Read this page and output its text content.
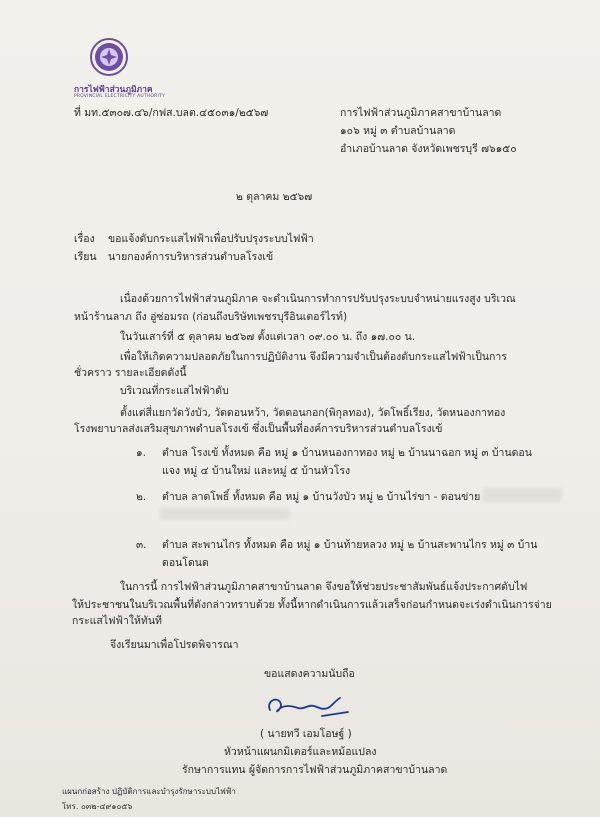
การไฟฟ้าส่วนภูมิภาค
PROVINCIAL ELECTRICITY AUTHORITY
ที่ มท.๕๓๐๗.๔๖/กฟส.บลต.๔๕๐๓๑/๒๕๖๗	การไฟฟ้าส่วนภูมิภาคสาขาบ้านลาด
๑๐๖ หมู่ ๓ ตำบลบ้านลาด
อำเภอบ้านลาด จังหวัดเพชรบุรี ๗๖๑๕๐
๒ ตุลาคม ๒๕๖๗
เรื่อง ขอแจ้งดับกระแสไฟฟ้าเพื่อปรับปรุงระบบไฟฟ้า
เรียน นายกองค์การบริหารส่วนตำบลโรงเข้
เนื่องด้วยการไฟฟ้าส่วนภูมิภาค จะดำเนินการทำการปรับปรุงระบบจำหน่ายแรงสูง บริเวณ
หน้าร้านลาภ ถึง อู่ซ่อมรถ (ก่อนถึงบริษัทเพชรบุรีอินเตอร์ไรท์)
ในวันเสาร์ที่ ๕ ตุลาคม ๒๕๖๗ ตั้งแต่เวลา ๐๙.๐๐ น. ถึง ๑๗.๐๐ น.
เพื่อให้เกิดความปลอดภัยในการปฏิบัติงาน จึงมีความจำเป็นต้องดับกระแสไฟฟ้าเป็นการ
ชั่วคราว รายละเอียดดังนี้
บริเวณที่กระแสไฟฟ้าดับ
ตั้งแต่สี่แยกวัดวังบัว, วัดดอนหว้า, วัดดอนกอก(พิกุลทอง), วัดโพธิ์เรียง, วัดหนองกาทอง
โรงพยาบาลส่งเสริมสุขภาพตำบลโรงเข้ ซึ่งเป็นพื้นที่องค์การบริหารส่วนตำบลโรงเข้
๑. ตำบล โรงเข้ ทั้งหมด คือ หมู่ ๑ บ้านหนองกาทอง หมู่ ๒ บ้านนาฉอก หมู่ ๓ บ้านดอน
แจง หมู่ ๔ บ้านใหม่ และหมู่ ๕ บ้านหัวโรง
๒. ตำบล ลาดโพธิ์ ทั้งหมด คือ หมู่ ๑ บ้านวังบัว หมู่ ๒ บ้านไร่ขา - ดอนข่าย
๓. ตำบล สะพานไกร ทั้งหมด คือ หมู่ ๑ บ้านท้ายหลวง หมู่ ๒ บ้านสะพานไกร หมู่ ๓ บ้าน
ดอนโดนด
ในการนี้ การไฟฟ้าส่วนภูมิภาคสาขาบ้านลาด จึงขอให้ช่วยประชาสัมพันธ์แจ้งประกาศดับไฟ
ให้ประชาชนในบริเวณพื้นที่ดังกล่าวทราบด้วย ทั้งนี้หากดำเนินการแล้วเสร็จก่อนกำหนดจะเร่งดำเนินการจ่าย
กระแสไฟฟ้าให้ทันที
จึงเรียนมาเพื่อโปรดพิจารณา
ขอแสดงความนับถือ
( นายทวี เอมโอษฐ์ )
หัวหน้าแผนกมิเตอร์และหม้อแปลง
รักษาการแทน ผู้จัดการการไฟฟ้าส่วนภูมิภาคสาขาบ้านลาด
แผนกก่อสร้าง ปฏิบัติการและบำรุงรักษาระบบไฟฟ้า
โทร. ๐๓๒-๔๙๑๐๕๖
